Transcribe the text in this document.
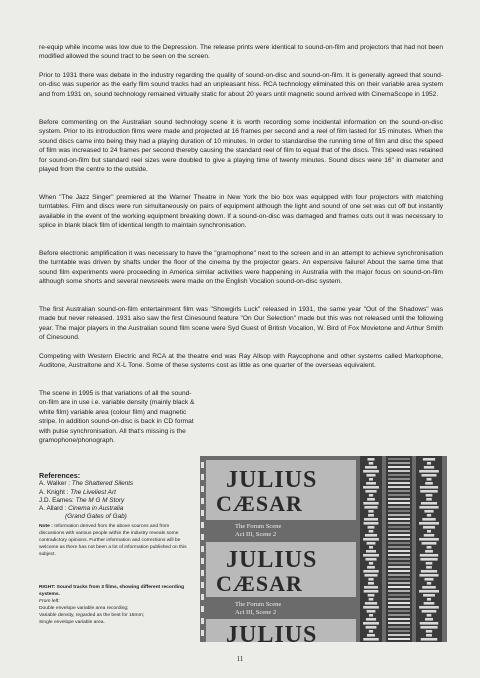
re-equip while income was low due to the Depression. The release prints were identical to sound-on-film and projectors that had not been modified allowed the sound tract to be seen on the screen.

Prior to 1931 there was debate in the industry regarding the quality of sound-on-disc and sound-on-film. It is generally agreed that sound-on-disc was superior as the early film sound tracks had an unpleasant hiss. RCA technology eliminated this on their variable area system and from 1931 on, sound technology remained virtually static for about 20 years until magnetic sound arrived with CinemaScope in 1952.

Before commenting on the Australian sound technology scene it is worth recording some incidental information on the sound-on-disc system. Prior to its introduction films were made and projected at 16 frames per second and a reel of film lasted for 15 minutes. When the sound discs came into being they had a playing duration of 10 minutes. In order to standardise the running time of film and disc the speed of film was increased to 24 frames per second thereby causing the standard reel of film to equal that of the discs. This speed was retained for sound-on-film but standard reel sizes were doubled to give a playing time of twenty minutes. Sound discs were 16" in diameter and played from the centre to the outside.

When "The Jazz Singer" premiered at the Warner Theatre in New York the bio box was equipped with four projectors with matching turntables. Film and discs were run simultaneously on pairs of equipment although the light and sound of one set was cut off but instantly available in the event of the working equipment breaking down. If a sound-on-disc was damaged and frames cuts out it was necessary to splice in blank black film of identical length to maintain synchronisation.

Before electronic amplification it was necessary to have the "gramophone" next to the screen and in an attempt to achieve synchronisation the turntable was driven by shafts under the floor of the cinema by the projector gears. An expensive failure! About the same time that sound film experiments were proceeding in America similar activities were happening in Australia with the major focus on sound-on-film although some shorts and several newsreels were made on the English Vocalion sound-on-disc system.

The first Australian sound-on-film entertainment film was "Showgirls Luck" released in 1931, the same year "Out of the Shadows" was made but never released. 1931 also saw the first Cinesound feature "On Our Selection" made but this was not released until the following year. The major players in the Australian sound film scene were Syd Guest of British Vocalion, W. Bird of Fox Movietone and Arthur Smith of Cinesound.

Competing with Western Electric and RCA at the theatre end was Ray Allsop with Raycophone and other systems called Markophone, Auditone, Australtone and X-L Tone. Some of these systems cost as little as one quarter of the overseas equivalent.

The scene in 1995 is that variations of all the sound-on-film are in use i.e. variable density (mainly black & white film) variable area (colour film) and magnetic stripe. In addition sound-on-disc is back in CD format with pulse synchronisation. All that's missing is the gramophone/phonograph.

References:
A. Walker : The Shattered Silents
A. Knight : The Liveliest Art
J.D. Eames: The M G M Story
A. Allard : Cinema in Australia
(Grand Gates of Gab)

Note : Information derived from the above sources and from discussions with various people within the industry reveals some contradictory opinions. Further information and corrections will be welcome as there has not been a lot of information published on this subject.

RIGHT: Sound tracks from 3 films, showing different recording systems.
From left:
Double envelope variable area recording;
Variable density, regarded as the best for 16mm;
Single envelope variable area.
JULIUS
CÆSAR
The Forum Scene
Act III, Scene 2
JULIUS
CÆSAR
The Forum Scene
Act III, Scene 2
JULIUS
11
